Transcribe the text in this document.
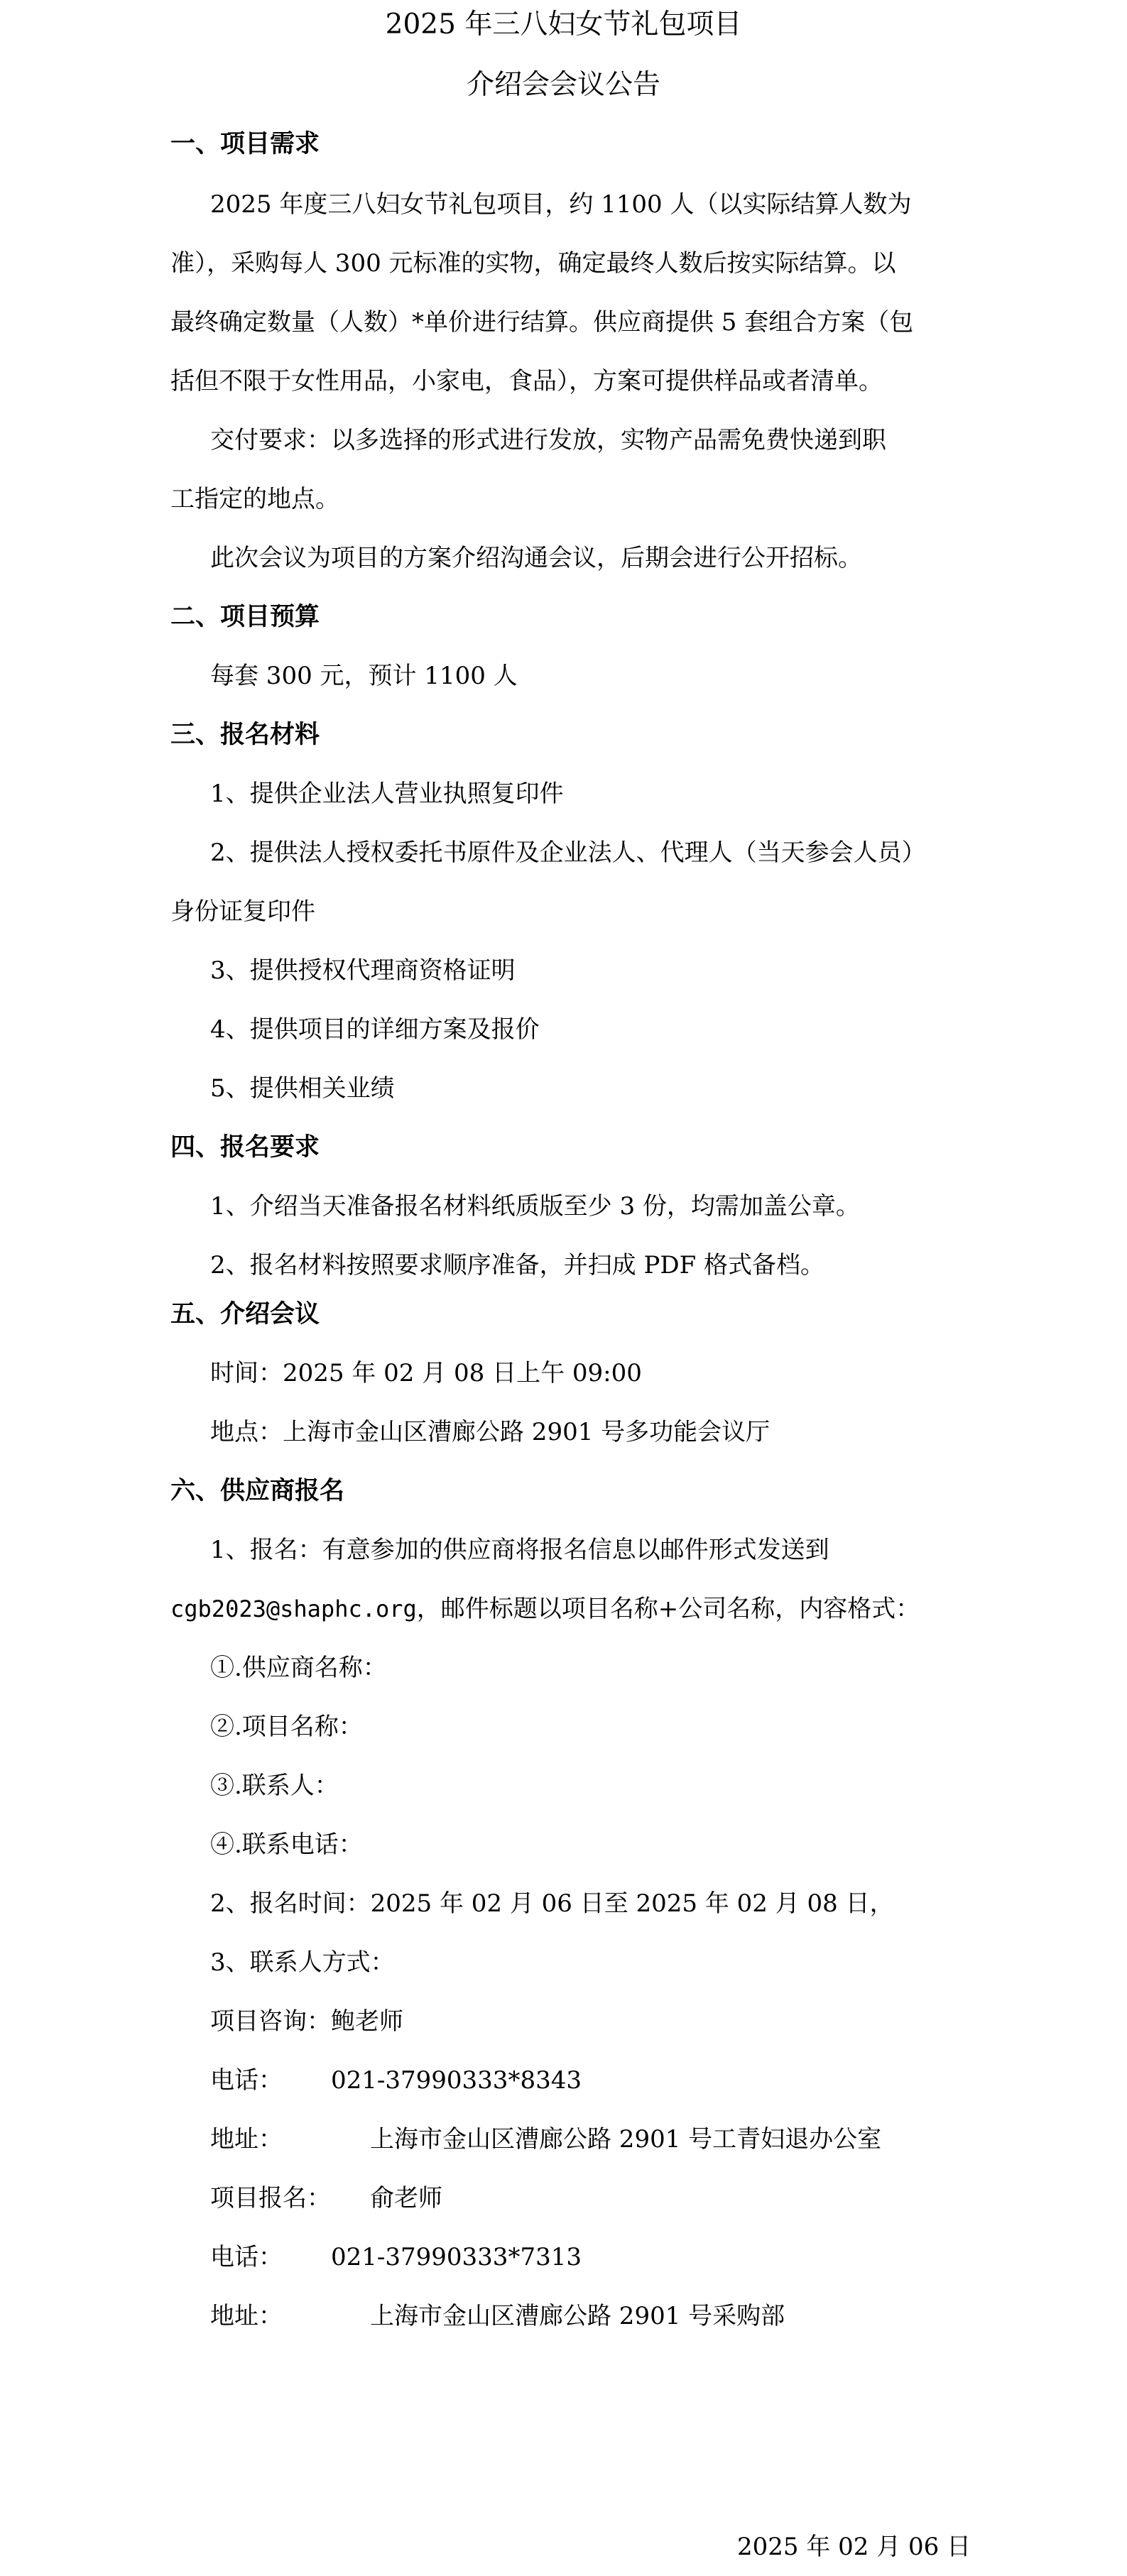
2025 年三八妇女节礼包项目
介绍会会议公告
一、项目需求
2025 年度三八妇女节礼包项目，约 1100 人（以实际结算人数为
准），采购每人 300 元标准的实物，确定最终人数后按实际结算。以
最终确定数量（人数）*单价进行结算。供应商提供 5 套组合方案（包
括但不限于女性用品，小家电，食品），方案可提供样品或者清单。
交付要求：以多选择的形式进行发放，实物产品需免费快递到职
工指定的地点。
此次会议为项目的方案介绍沟通会议，后期会进行公开招标。
二、项目预算
每套 300 元，预计 1100 人
三、报名材料
1、提供企业法人营业执照复印件
2、提供法人授权委托书原件及企业法人、代理人（当天参会人员）
身份证复印件
3、提供授权代理商资格证明
4、提供项目的详细方案及报价
5、提供相关业绩
四、报名要求
1、介绍当天准备报名材料纸质版至少 3 份，均需加盖公章。
2、报名材料按照要求顺序准备，并扫成 PDF 格式备档。
五、介绍会议
时间：2025 年 02 月 08 日上午 09:00
地点：上海市金山区漕廊公路 2901 号多功能会议厅
六、供应商报名
1、报名：有意参加的供应商将报名信息以邮件形式发送到
cgb2023@shaphc.org，邮件标题以项目名称+公司名称，内容格式：
①.供应商名称：
②.项目名称：
③.联系人：
④.联系电话：
2、报名时间：2025 年 02 月 06 日至 2025 年 02 月 08 日，
3、联系人方式：
项目咨询：鲍老师
电话： 021-37990333*8343
地址：	上海市金山区漕廊公路 2901 号工青妇退办公室
项目报名： 俞老师
电话： 021-37990333*7313
地址：	上海市金山区漕廊公路 2901 号采购部
2025 年 02 月 06 日
